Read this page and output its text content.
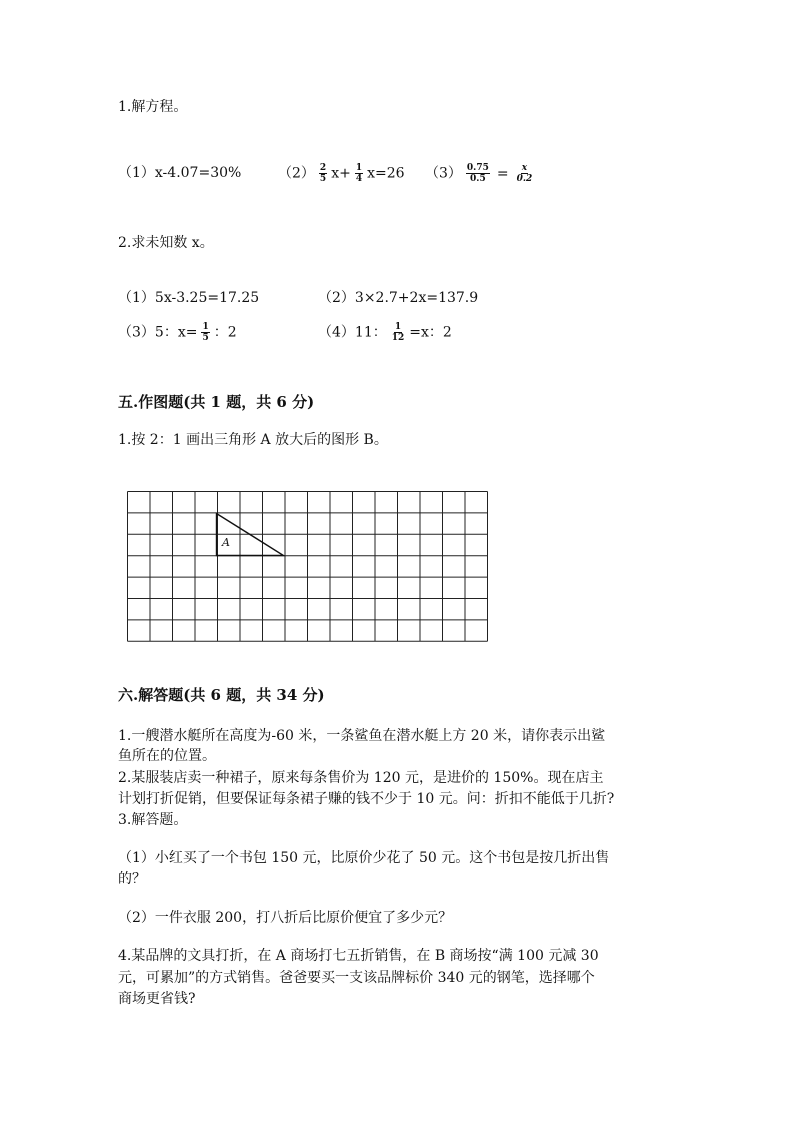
1.解方程。
（1）x-4.07=30%	$(2) \frac{2}{5} x+ \frac{1}{4} x=26$ $(3) \frac{0.75}{0.5} = \frac{x}{0.2}$
2.求未知数 x。
（1）5x-3.25=17.25	（2）3×2.7+2x=137.9
（3）5：$x= \frac{1}{5}$ ：2	（4）11： $\frac{1}{12} =x$：2
五.作图题(共 1 题，共 6 分)
1.按 2：1 画出三角形 A 放大后的图形 B。
A
六.解答题(共 6 题，共 34 分)
1.一艘潜水艇所在高度为-60 米，一条鲨鱼在潜水艇上方 20 米，请你表示出鲨
鱼所在的位置。
2.某服装店卖一种裙子，原来每条售价为 120 元，是进价的 150%。现在店主
计划打折促销，但要保证每条裙子赚的钱不少于 10 元。问：折扣不能低于几折?
3.解答题。
（1）小红买了一个书包 150 元，比原价少花了 50 元。这个书包是按几折出售
的？
（2）一件衣服 200，打八折后比原价便宜了多少元？
4.某品牌的文具打折，在 A 商场打七五折销售，在 B 商场按“满 100 元减 30
元，可累加”的方式销售。爸爸要买一支该品牌标价 340 元的钢笔，选择哪个
商场更省钱?
